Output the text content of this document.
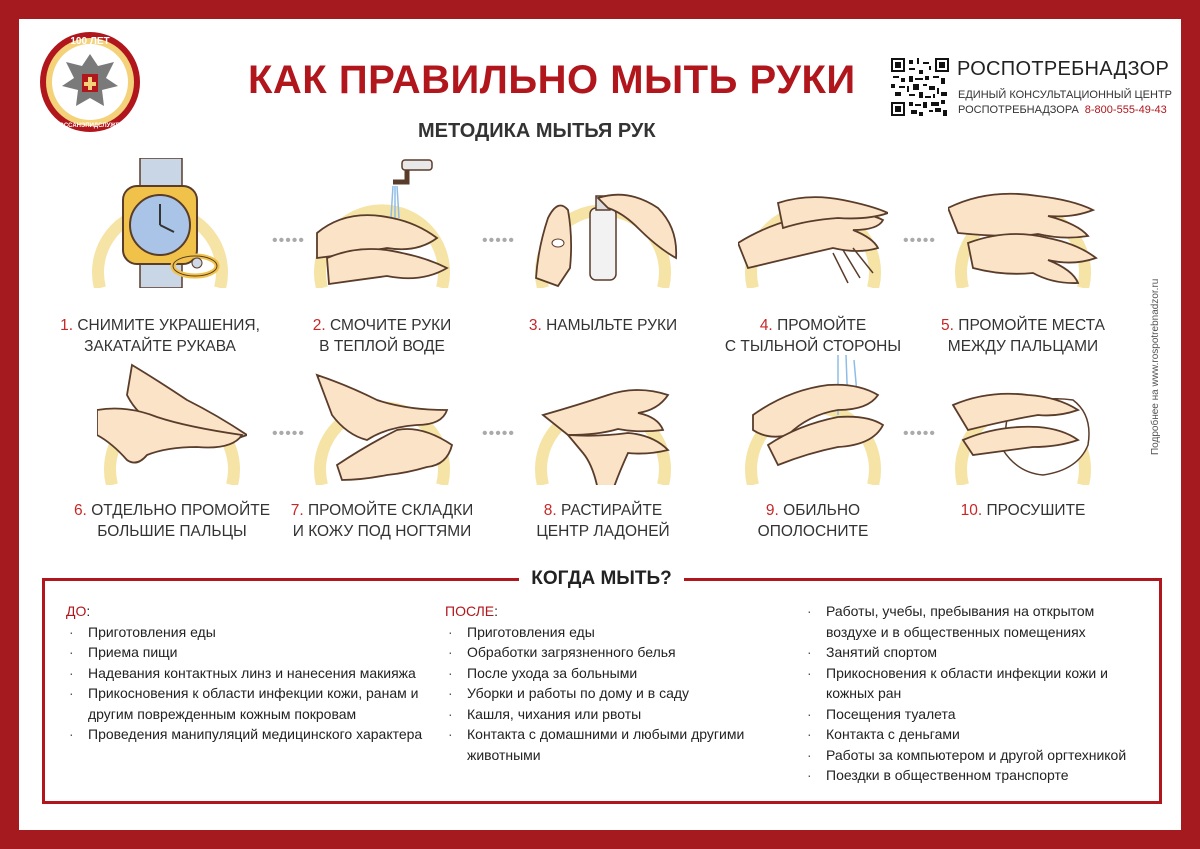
100 ЛЕТ
ГОССАНЭПИДСЛУЖБА
КАК ПРАВИЛЬНО МЫТЬ РУКИ
МЕТОДИКА МЫТЬЯ РУК
РОСПОТРЕБНАДЗОР
ЕДИНЫЙ КОНСУЛЬТАЦИОННЫЙ ЦЕНТР
РОСПОТРЕБНАДЗОРА 8-800-555-49-43
Подробнее на www.rospotrebnadzor.ru
1. СНИМИТЕ УКРАШЕНИЯ,
ЗАКАТАЙТЕ РУКАВА
•••••
2. СМОЧИТЕ РУКИ
В ТЕПЛОЙ ВОДЕ
•••••
3. НАМЫЛЬТЕ РУКИ	4. ПРОМОЙТЕ
С ТЫЛЬНОЙ СТОРОНЫ
•••••
5. ПРОМОЙТЕ МЕСТА
МЕЖДУ ПАЛЬЦАМИ
6. ОТДЕЛЬНО ПРОМОЙТЕ
БОЛЬШИЕ ПАЛЬЦЫ
•••••
7. ПРОМОЙТЕ СКЛАДКИ
И КОЖУ ПОД НОГТЯМИ
•••••
8. РАСТИРАЙТЕ
ЦЕНТР ЛАДОНЕЙ
9. ОБИЛЬНО ОПОЛОСНИТЕ

•••••
10. ПРОСУШИТЕ

КОГДА МЫТЬ?
ДО:
· Приготовления еды
· Приема пищи
· Надевания контактных линз и нанесения макияжа
· Прикосновения к области инфекции кожи, ранам и другим поврежденным кожным покровам
· Проведения манипуляций медицинского характера
ПОСЛЕ:
· Приготовления еды
· Обработки загрязненного белья
· После ухода за больными
· Уборки и работы по дому и в саду
· Кашля, чихания или рвоты
· Контакта с домашними и любыми другими животными
· Работы, учебы, пребывания на открытом воздухе и в общественных помещениях
· Занятий спортом
· Прикосновения к области инфекции кожи и кожных ран
· Посещения туалета
· Контакта с деньгами
· Работы за компьютером и другой оргтехникой
· Поездки в общественном транспорте
